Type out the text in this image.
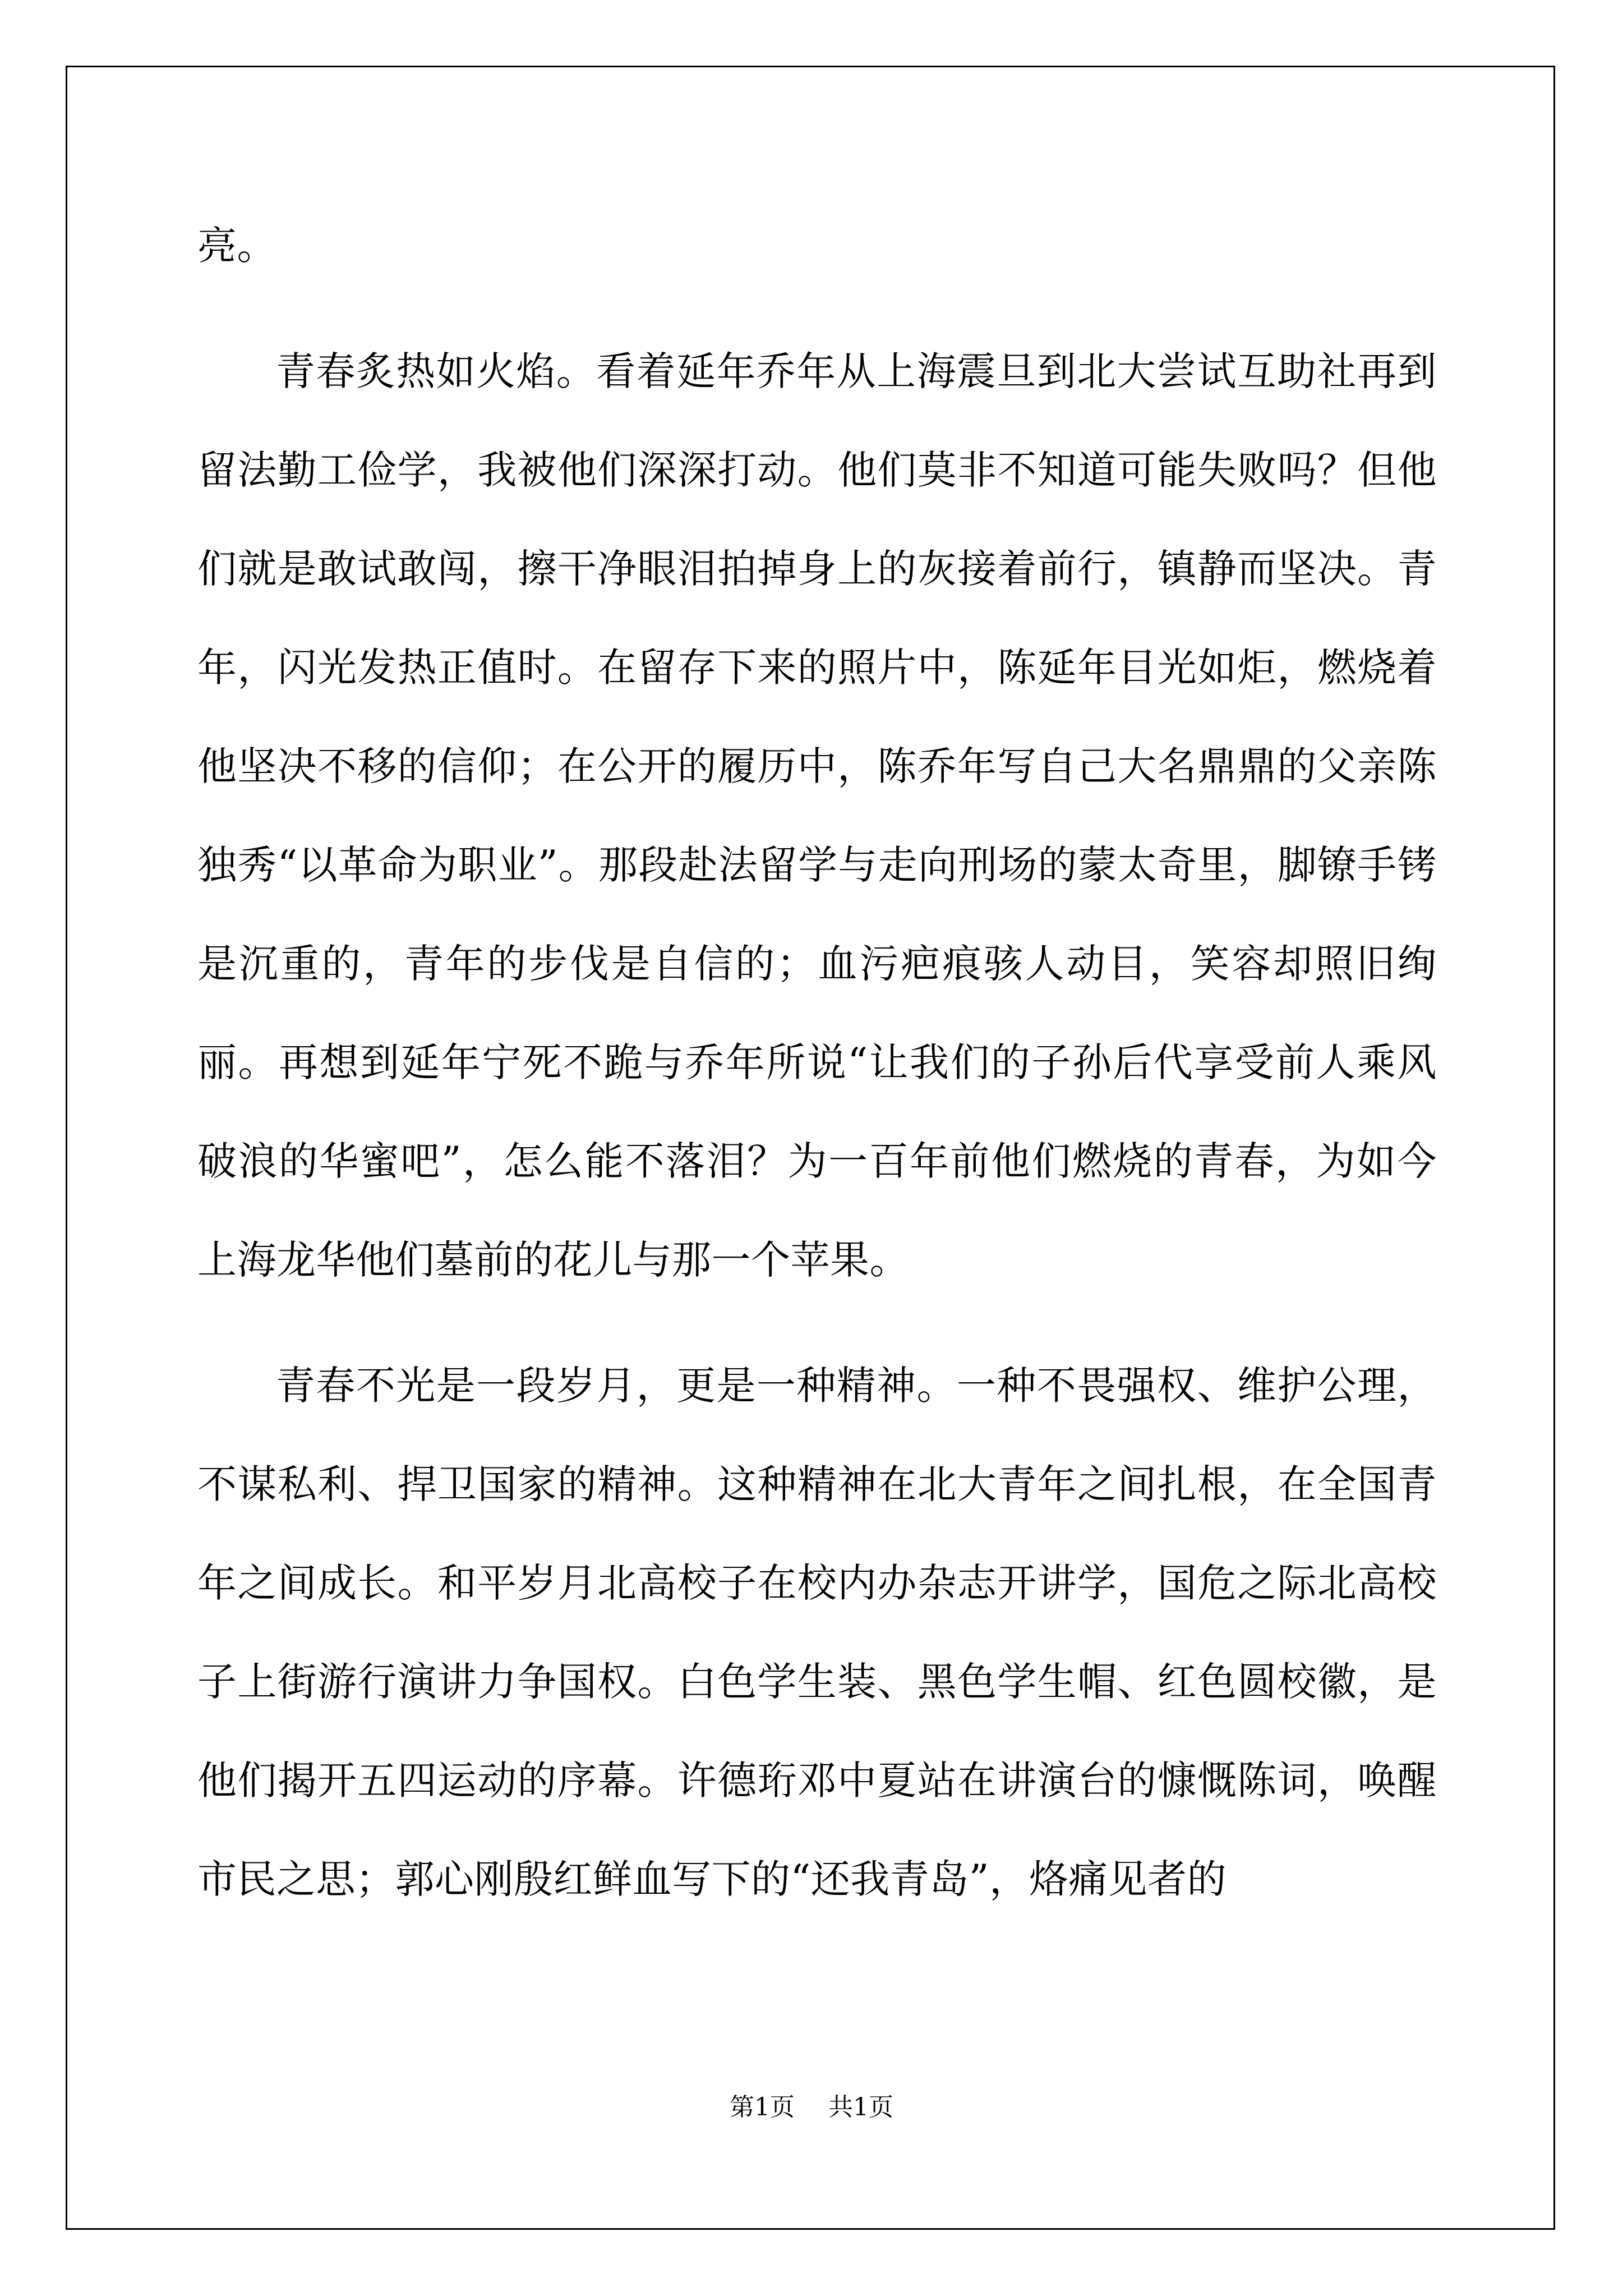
亮。

青春炙热如火焰。看着延年乔年从上海震旦到北大尝试互助社再到留法勤工俭学，我被他们深深打动。他们莫非不知道可能失败吗？但他们就是敢试敢闯，擦干净眼泪拍掉身上的灰接着前行，镇静而坚决。青年，闪光发热正值时。在留存下来的照片中，陈延年目光如炬，燃烧着他坚决不移的信仰；在公开的履历中，陈乔年写自己大名鼎鼎的父亲陈独秀“以革命为职业”。那段赴法留学与走向刑场的蒙太奇里，脚镣手铐是沉重的，青年的步伐是自信的；血污疤痕骇人动目，笑容却照旧绚丽。再想到延年宁死不跪与乔年所说“让我们的子孙后代享受前人乘风破浪的华蜜吧”，怎么能不落泪？为一百年前他们燃烧的青春，为如今上海龙华他们墓前的花儿与那一个苹果。

青春不光是一段岁月，更是一种精神。一种不畏强权、维护公理，不谋私利、捍卫国家的精神。这种精神在北大青年之间扎根，在全国青年之间成长。和平岁月北高校子在校内办杂志开讲学，国危之际北高校子上街游行演讲力争国权。白色学生装、黑色学生帽、红色圆校徽，是他们揭开五四运动的序幕。许德珩邓中夏站在讲演台的慷慨陈词，唤醒市民之思；郭心刚殷红鲜血写下的“还我青岛”，烙痛见者的

第1页 共1页
